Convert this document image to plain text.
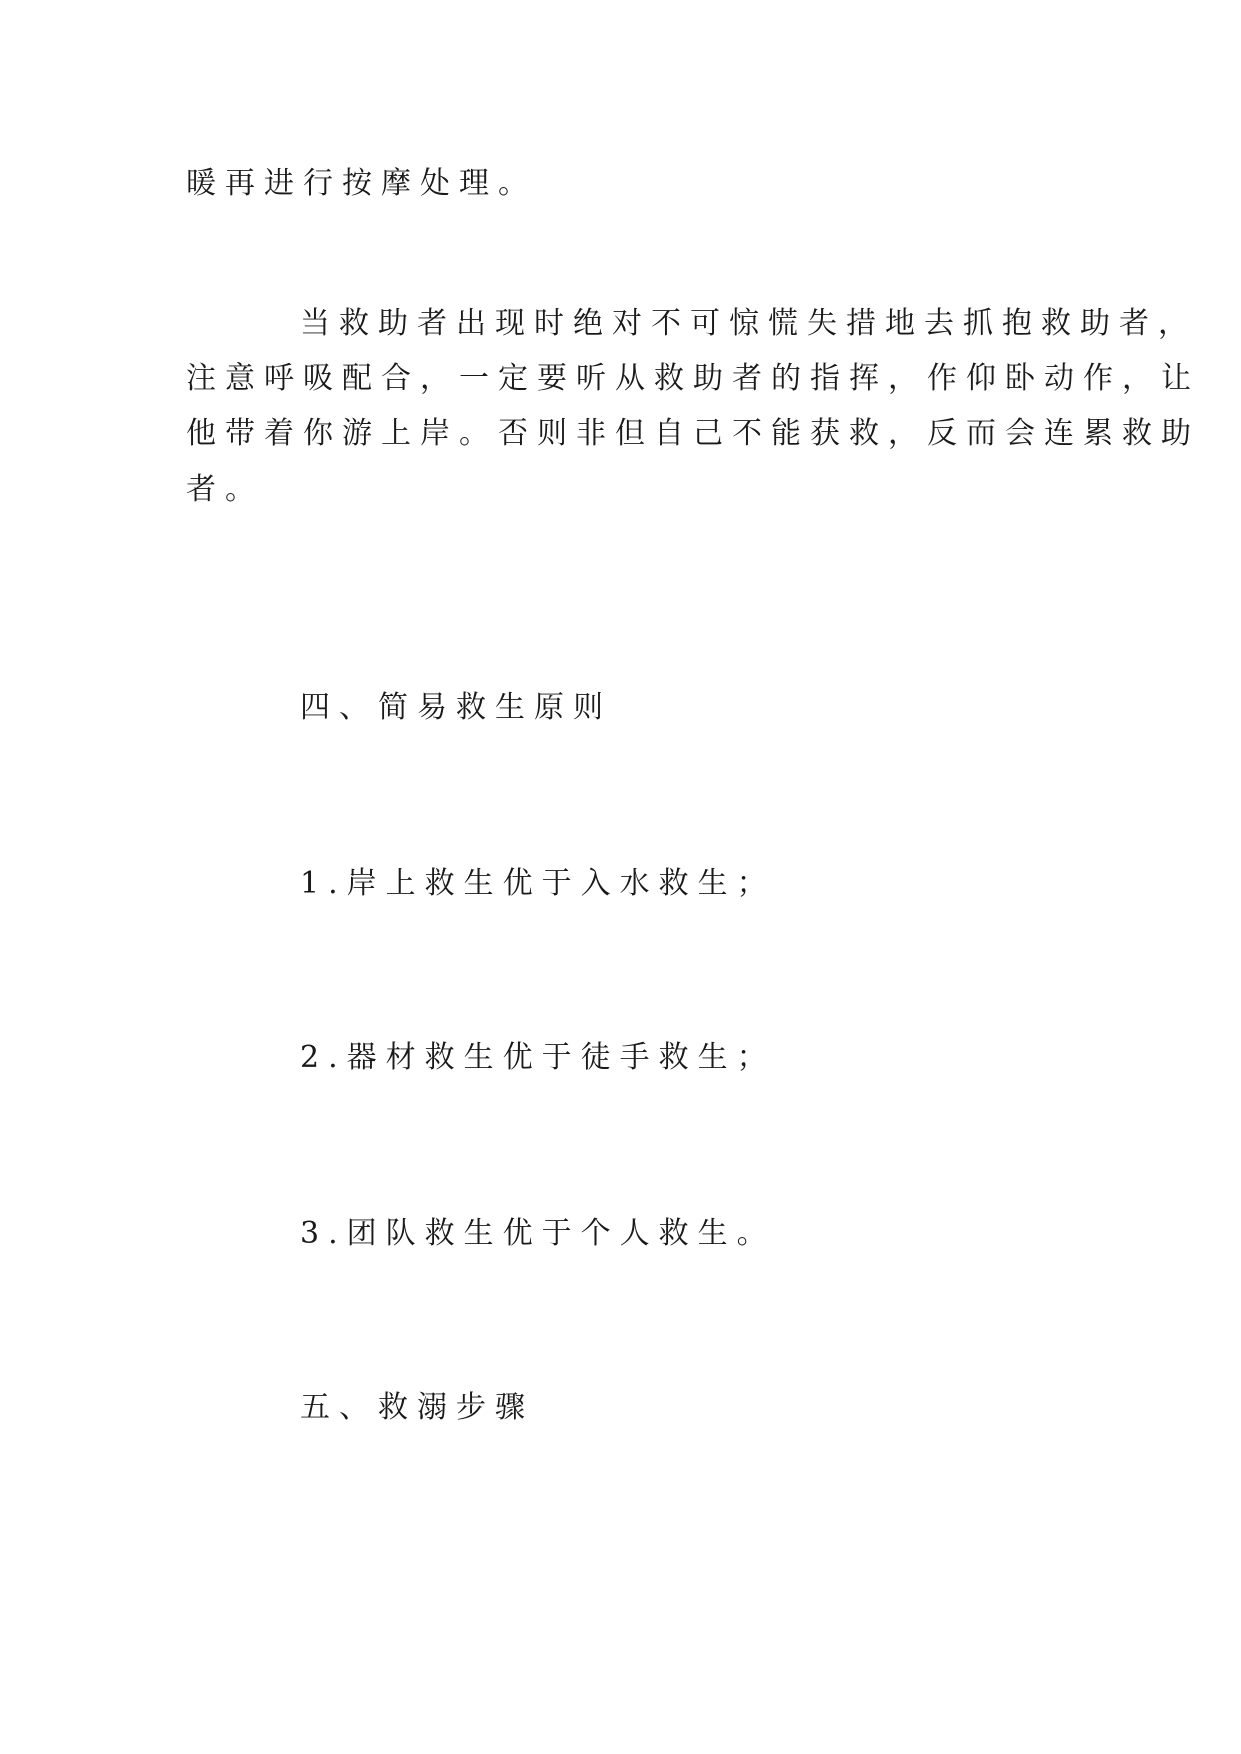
暖再进行按摩处理。

当救助者出现时绝对不可惊慌失措地去抓抱救助者，

注意呼吸配合，一定要听从救助者的指挥，作仰卧动作，让

他带着你游上岸。否则非但自己不能获救，反而会连累救助

者。

四、简易救生原则

1.岸上救生优于入水救生；

2.器材救生优于徒手救生；

3.团队救生优于个人救生。

五、救溺步骤
